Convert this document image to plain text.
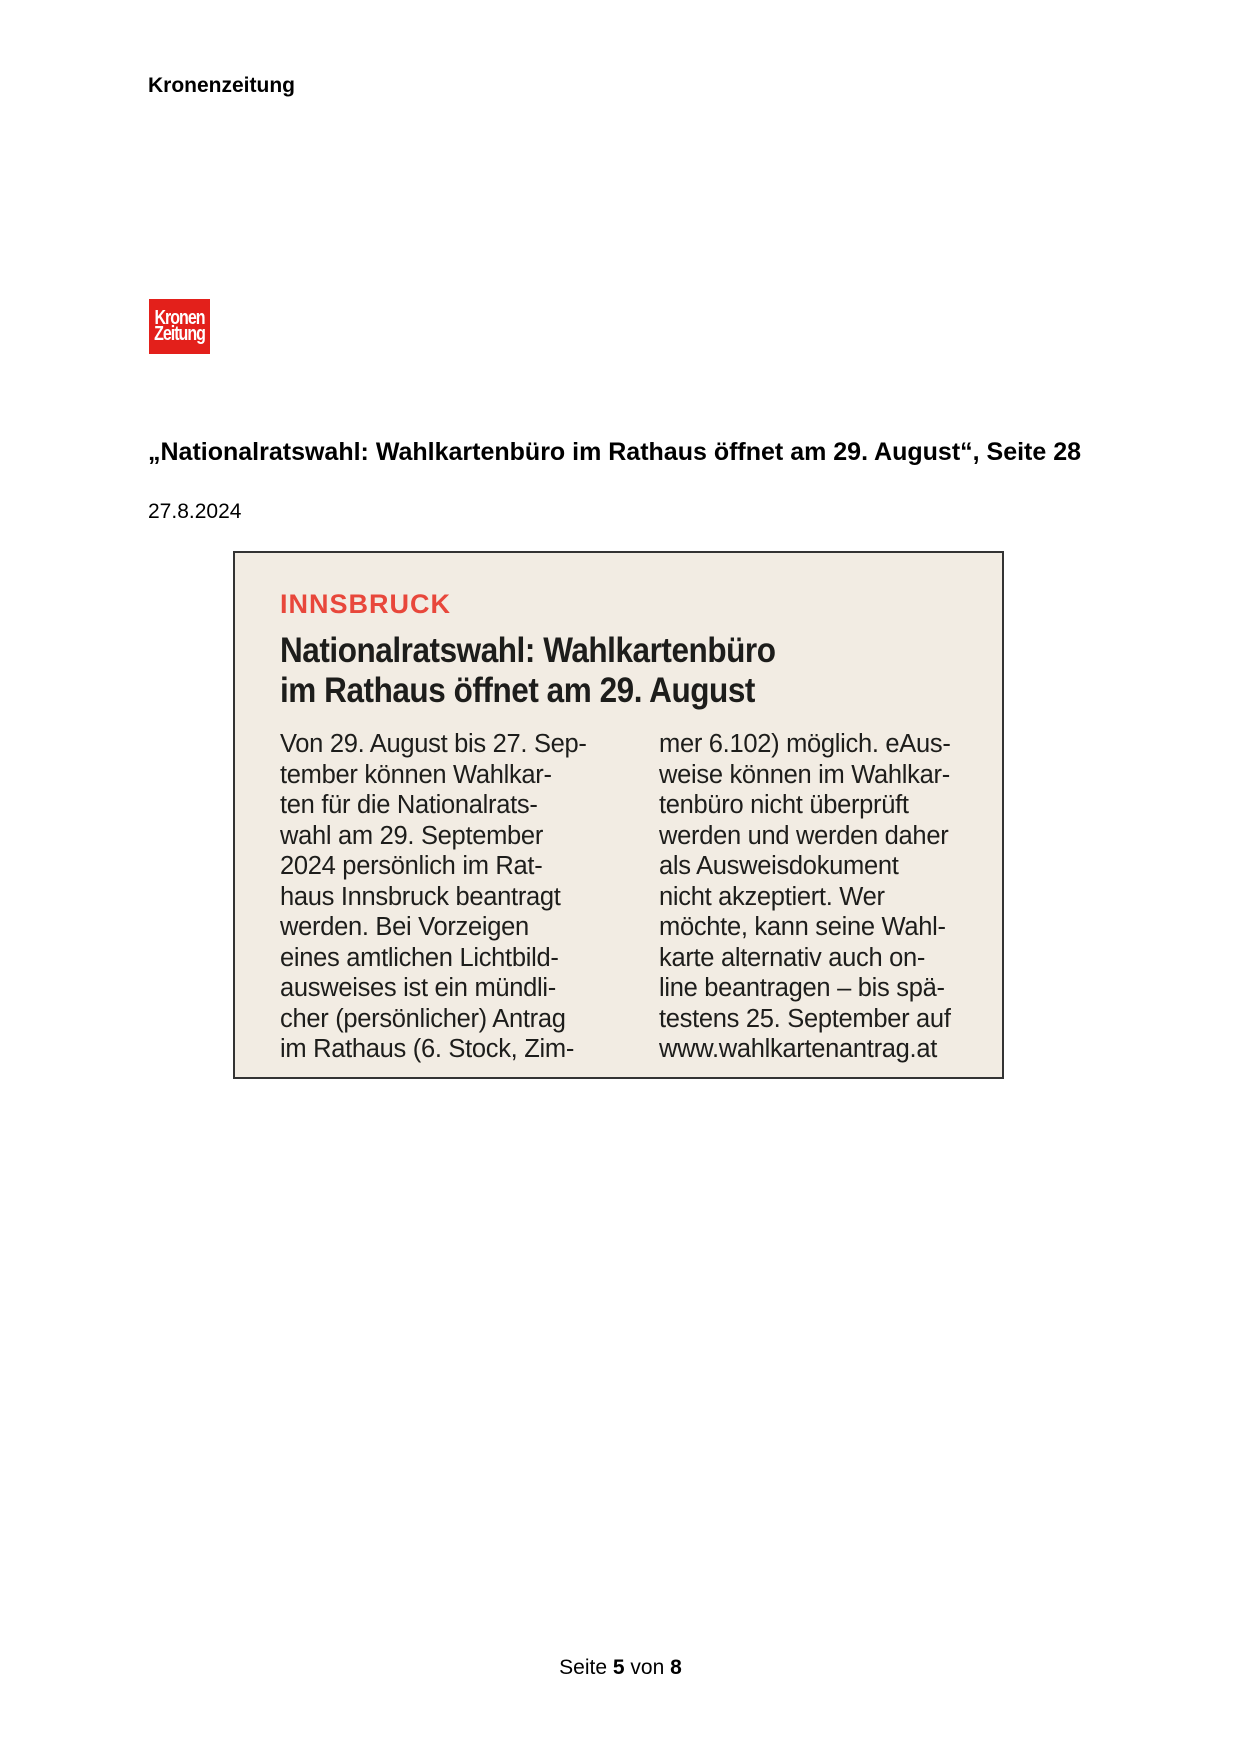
Kronenzeitung
Kronen
Zeitung
„Nationalratswahl: Wahlkartenbüro im Rathaus öffnet am 29. August“, Seite 28
27.8.2024
INNSBRUCK
Nationalratswahl: Wahlkartenbüro
im Rathaus öffnet am 29. August
Von 29. August bis 27. Sep-
tember können Wahlkar-
ten für die Nationalrats-
wahl am 29. September
2024 persönlich im Rat-
haus Innsbruck beantragt
werden. Bei Vorzeigen
eines amtlichen Lichtbild-
ausweises ist ein mündli-
cher (persönlicher) Antrag
im Rathaus (6. Stock, Zim-
mer 6.102) möglich. eAus-
weise können im Wahlkar-
tenbüro nicht überprüft
werden und werden daher
als Ausweisdokument
nicht akzeptiert. Wer
möchte, kann seine Wahl-
karte alternativ auch on-
line beantragen – bis spä-
testens 25. September auf
www.wahlkartenantrag.at
Seite 5 von 8
